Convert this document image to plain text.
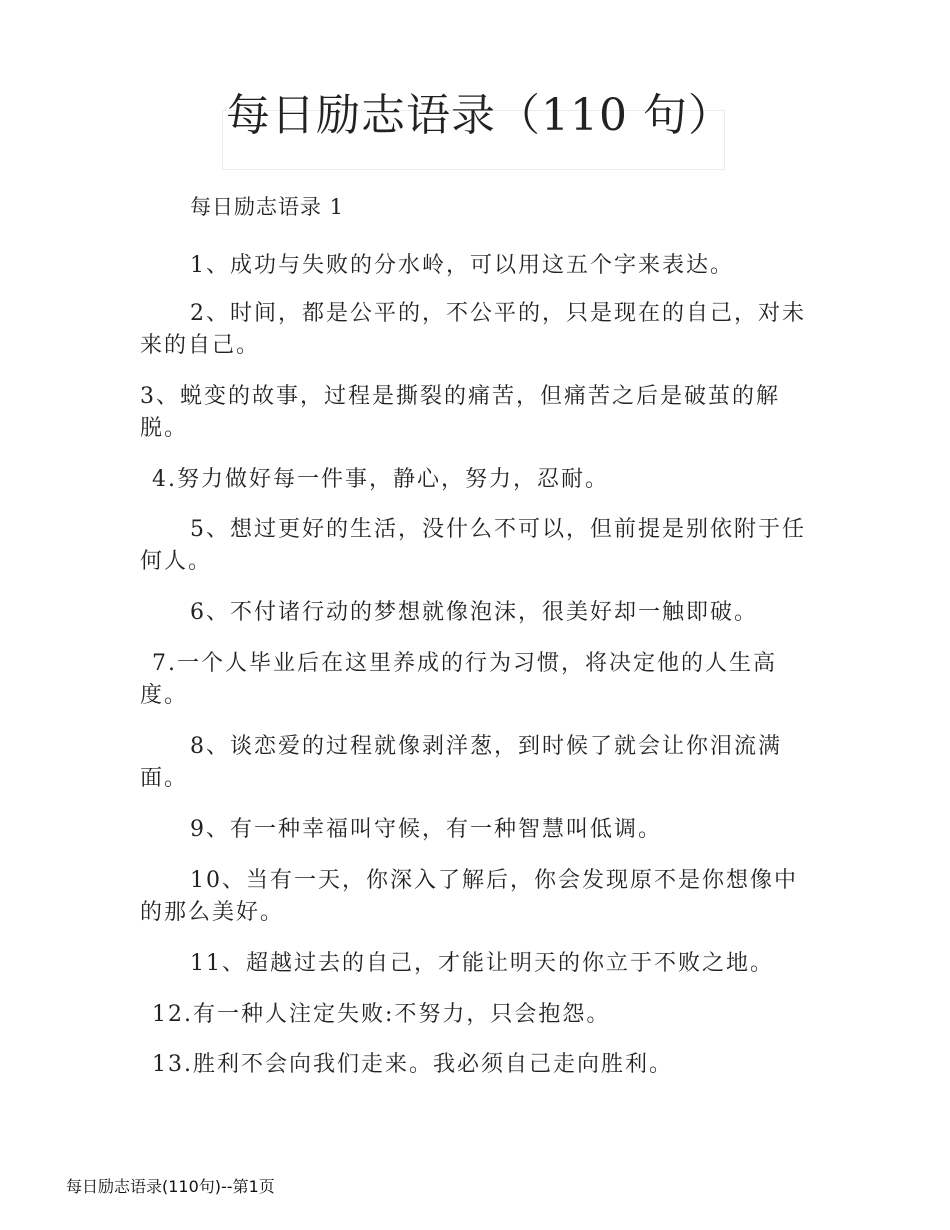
每日励志语录（110 句）
每日励志语录 1

1、成功与失败的分水岭，可以用这五个字来表达。

2、时间，都是公平的，不公平的，只是现在的自己，对未来的自己。

3、蜕变的故事，过程是撕裂的痛苦，但痛苦之后是破茧的解脱。

4.努力做好每一件事，静心，努力，忍耐。

5、想过更好的生活，没什么不可以，但前提是别依附于任何人。

6、不付诸行动的梦想就像泡沫，很美好却一触即破。

7.一个人毕业后在这里养成的行为习惯，将决定他的人生高度。

8、谈恋爱的过程就像剥洋葱，到时候了就会让你泪流满面。

9、有一种幸福叫守候，有一种智慧叫低调。

10、当有一天，你深入了解后，你会发现原不是你想像中的那么美好。

11、超越过去的自己，才能让明天的你立于不败之地。

12.有一种人注定失败:不努力，只会抱怨。

13.胜利不会向我们走来。我必须自己走向胜利。

每日励志语录(110句)--第1页
